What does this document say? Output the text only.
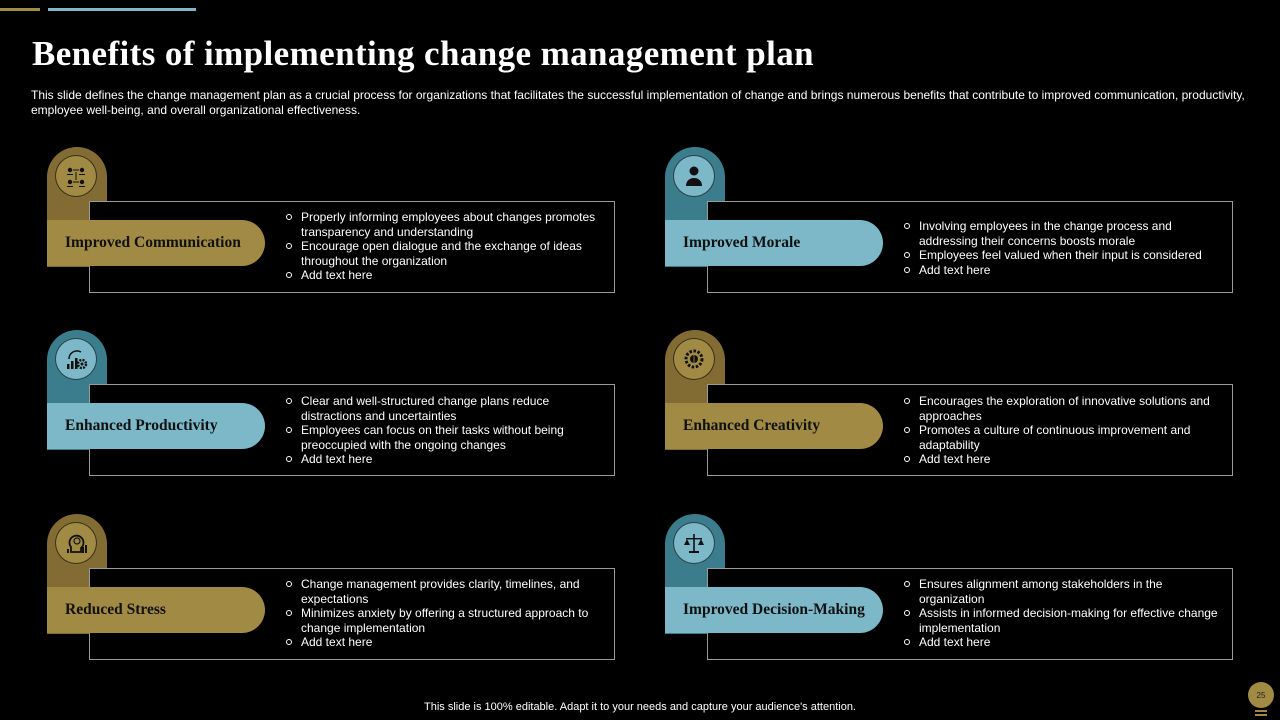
Benefits of implementing change management plan

This slide defines the change management plan as a crucial process for organizations that facilitates the successful implementation of change and brings numerous benefits that contribute to improved communication, productivity, employee well-being, and overall organizational effectiveness.

Improved Communication
Properly informing employees about changes promotes transparency and understanding
Encourage open dialogue and the exchange of ideas throughout the organization
Add text here
Improved Morale
Involving employees in the change process and addressing their concerns boosts morale
Employees feel valued when their input is considered
Add text here
Enhanced Productivity
Clear and well-structured change plans reduce distractions and uncertainties
Employees can focus on their tasks without being preoccupied with the ongoing changes
Add text here
Enhanced Creativity
Encourages the exploration of innovative solutions and approaches
Promotes a culture of continuous improvement and adaptability
Add text here
Reduced Stress
Change management provides clarity, timelines, and expectations
Minimizes anxiety by offering a structured approach to change implementation
Add text here
Improved Decision-Making
Ensures alignment among stakeholders in the organization
Assists in informed decision-making for effective change implementation
Add text here
This slide is 100% editable. Adapt it to your needs and capture your audience's attention.
25
